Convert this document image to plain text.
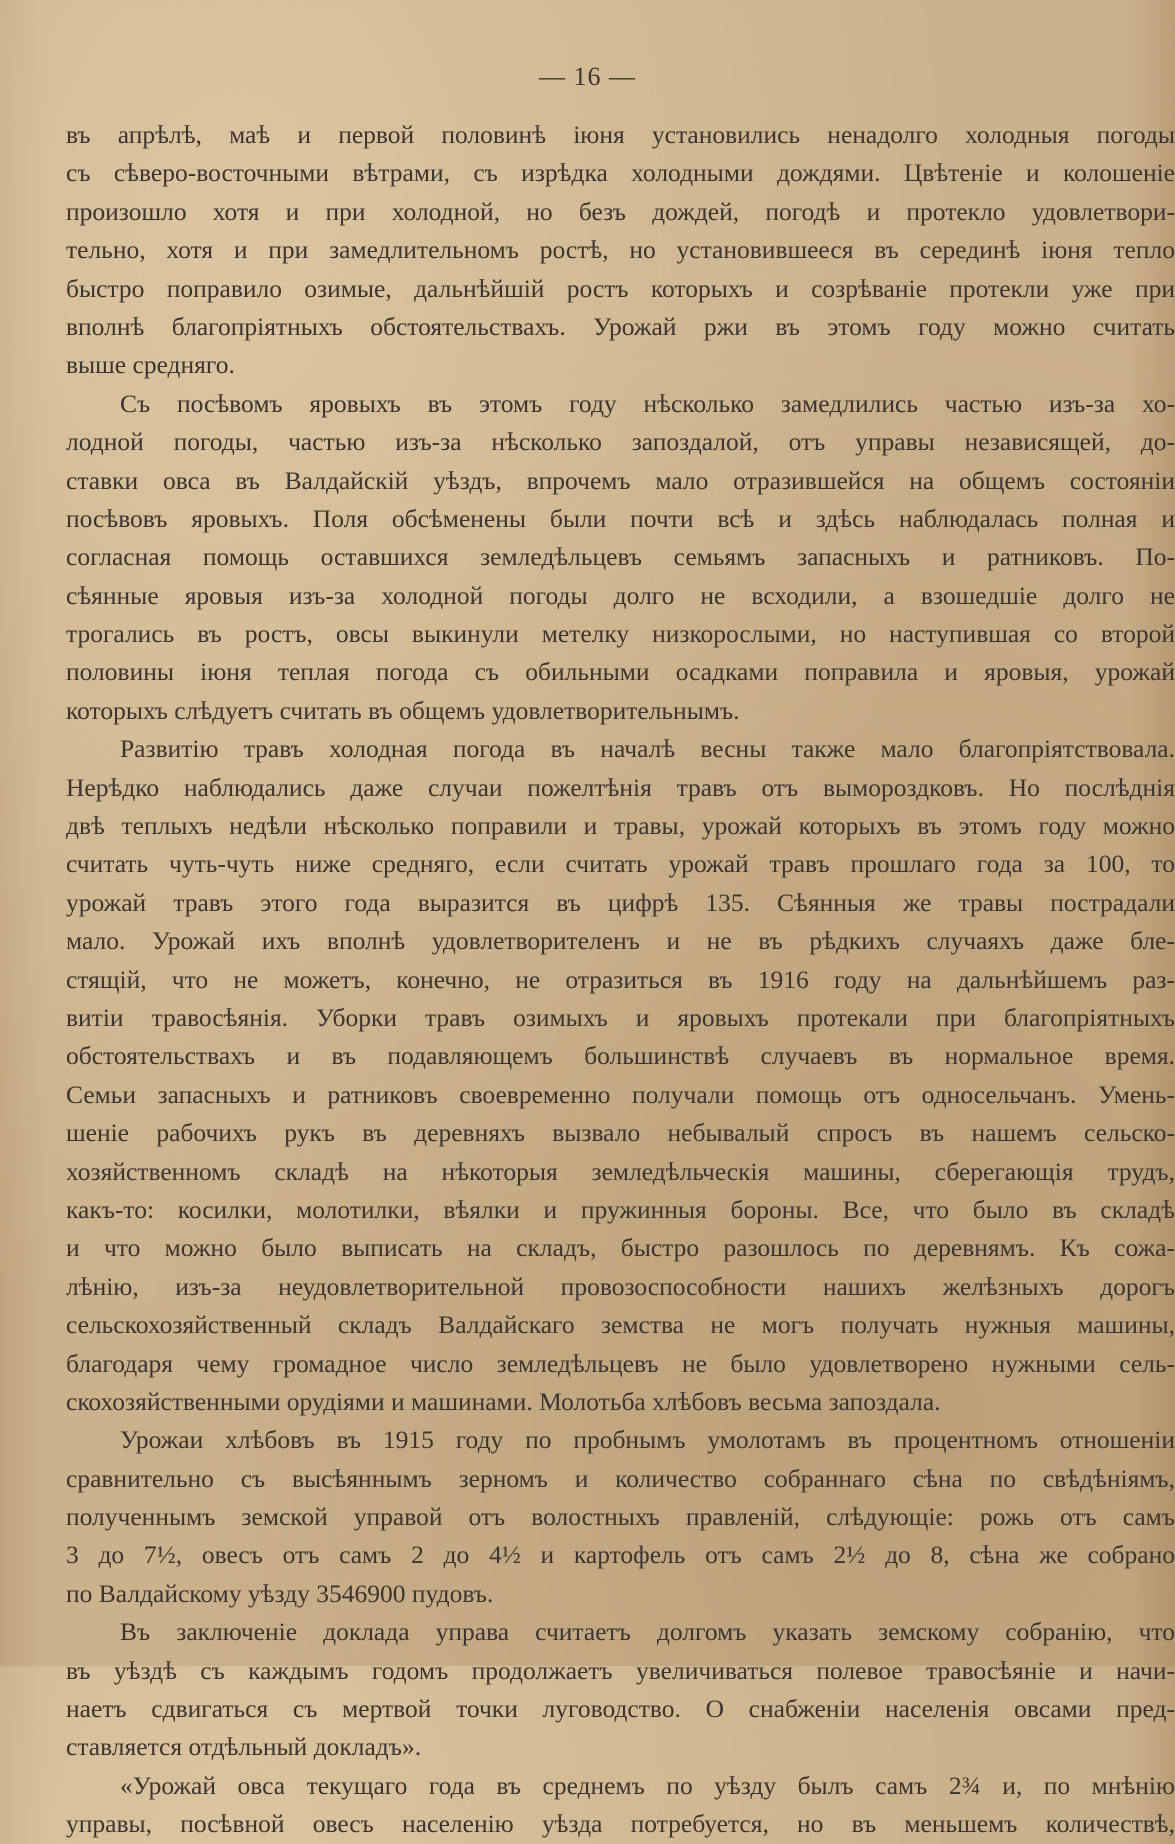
— 16 —
въ апрѣлѣ, маѣ и первой половинѣ іюня установились ненадолго холодныя погоды
съ сѣверо-восточными вѣтрами, съ изрѣдка холодными дождями. Цвѣтеніе и колошеніе
произошло хотя и при холодной, но безъ дождей, погодѣ и протекло удовлетвори-
тельно, хотя и при замедлительномъ ростѣ, но установившееся въ серединѣ іюня тепло
быстро поправило озимые, дальнѣйшій ростъ которыхъ и созрѣваніе протекли уже при
вполнѣ благопріятныхъ обстоятельствахъ. Урожай ржи въ этомъ году можно считать
выше средняго.
Съ посѣвомъ яровыхъ въ этомъ году нѣсколько замедлились частью изъ-за хо-
лодной погоды, частью изъ-за нѣсколько запоздалой, отъ управы независящей, до-
ставки овса въ Валдайскій уѣздъ, впрочемъ мало отразившейся на общемъ состояніи
посѣвовъ яровыхъ. Поля обсѣменены были почти всѣ и здѣсь наблюдалась полная и
согласная помощь оставшихся земледѣльцевъ семьямъ запасныхъ и ратниковъ. По-
сѣянные яровыя изъ-за холодной погоды долго не всходили, а взошедшіе долго не
трогались въ ростъ, овсы выкинули метелку низкорослыми, но наступившая со второй
половины іюня теплая погода съ обильными осадками поправила и яровыя, урожай
которыхъ слѣдуетъ считать въ общемъ удовлетворительнымъ.
Развитію травъ холодная погода въ началѣ весны также мало благопріятствовала.
Нерѣдко наблюдались даже случаи пожелтѣнія травъ отъ вымороздковъ. Но послѣднія
двѣ теплыхъ недѣли нѣсколько поправили и травы, урожай которыхъ въ этомъ году можно
считать чуть-чуть ниже средняго, если считать урожай травъ прошлаго года за 100, то
урожай травъ этого года выразится въ цифрѣ 135. Сѣянныя же травы пострадали
мало. Урожай ихъ вполнѣ удовлетворителенъ и не въ рѣдкихъ случаяхъ даже бле-
стящій, что не можетъ, конечно, не отразиться въ 1916 году на дальнѣйшемъ раз-
витіи травосѣянія. Уборки травъ озимыхъ и яровыхъ протекали при благопріятныхъ
обстоятельствахъ и въ подавляющемъ большинствѣ случаевъ въ нормальное время.
Семьи запасныхъ и ратниковъ своевременно получали помощь отъ односельчанъ. Умень-
шеніе рабочихъ рукъ въ деревняхъ вызвало небывалый спросъ въ нашемъ сельско-
хозяйственномъ складѣ на нѣкоторыя земледѣльческія машины, сберегающія трудъ,
какъ-то: косилки, молотилки, вѣялки и пружинныя бороны. Все, что было въ складѣ
и что можно было выписать на складъ, быстро разошлось по деревнямъ. Къ сожа-
лѣнію, изъ-за неудовлетворительной провозоспособности нашихъ желѣзныхъ дорогъ
сельскохозяйственный складъ Валдайскаго земства не могъ получать нужныя машины,
благодаря чему громадное число земледѣльцевъ не было удовлетворено нужными сель-
скохозяйственными орудіями и машинами. Молотьба хлѣбовъ весьма запоздала.
Урожаи хлѣбовъ въ 1915 году по пробнымъ умолотамъ въ процентномъ отношеніи
сравнительно съ высѣяннымъ зерномъ и количество собраннаго сѣна по свѣдѣніямъ,
полученнымъ земской управой отъ волостныхъ правленій, слѣдующіе: рожь отъ самъ
3 до 7½, овесъ отъ самъ 2 до 4½ и картофель отъ самъ 2½ до 8, сѣна же собрано
по Валдайскому уѣзду 3546900 пудовъ.
Въ заключеніе доклада управа считаетъ долгомъ указать земскому собранію, что
въ уѣздѣ съ каждымъ годомъ продолжаетъ увеличиваться полевое травосѣяніе и начи-
наетъ сдвигаться съ мертвой точки луговодство. О снабженіи населенія овсами пред-
ставляется отдѣльный докладъ».
«Урожай овса текущаго года въ среднемъ по уѣзду былъ самъ 2¾ и, по мнѣнію
управы, посѣвной овесъ населенію уѣзда потребуется, но въ меньшемъ количествѣ,
